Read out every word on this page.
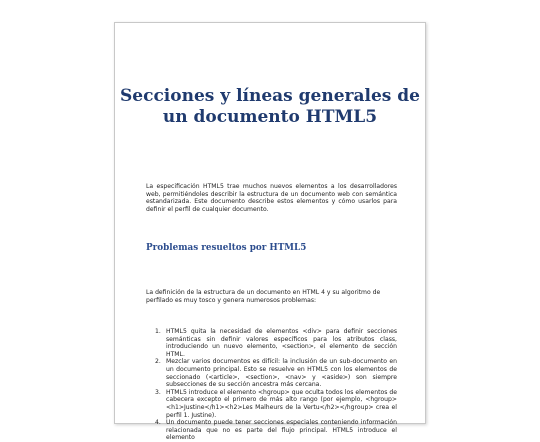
Secciones y líneas generales de un documento HTML5

La especificación HTML5 trae muchos nuevos elementos a los desarrolladores web, permitiéndoles describir la estructura de un documento web con semántica estandarizada. Este documento describe estos elementos y cómo usarlos para definir el perfil de cualquier documento.

Problemas resueltos por HTML5

La definición de la estructura de un documento en HTML 4 y su algoritmo de perfilado es muy tosco y genera numerosos problemas:

1. HTML5 quita la necesidad de elementos <div> para definir secciones semánticas sin definir valores específicos para los atributos class, introduciendo un nuevo elemento, <section>, el elemento de sección HTML.
2. Mezclar varios documentos es difícil: la inclusión de un sub-documento en un documento principal. Esto se resuelve en HTML5 con los elementos de seccionado (<article>, <section>, <nav> y <aside>) son siempre subsecciones de su sección ancestra más cercana.
3. HTML5 introduce el elemento <hgroup> que oculta todos los elementos de cabecera excepto el primero de más alto rango (por ejemplo, <hgroup> <h1>Justine</h1><h2>Les Malheurs de la Vertu</h2></hgroup> crea el perfil 1. Justine).
4. Un documento puede tener secciones especiales conteniendo información relacionada que no es parte del flujo principal. HTML5 introduce el elemento
